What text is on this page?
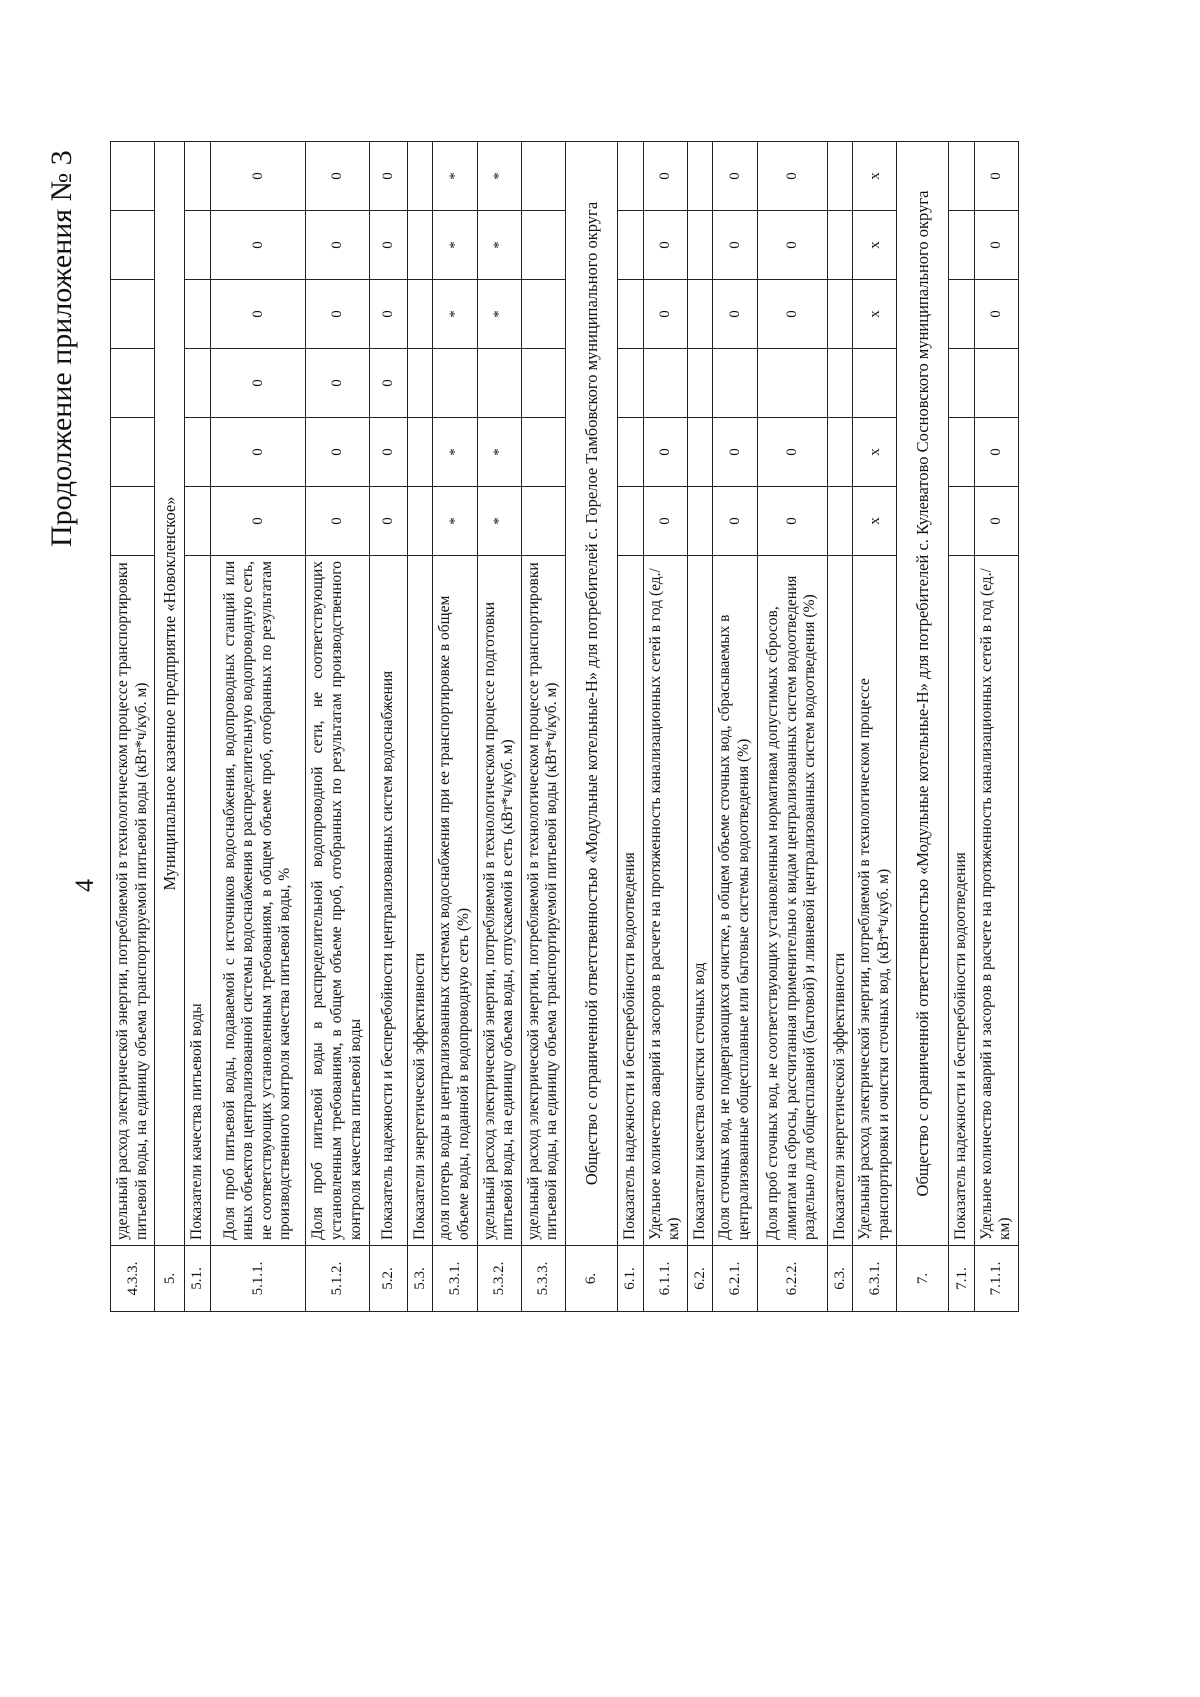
4
Продолжение приложения № 3
4.3.3.	удельный расход электрической энергии, потребляемой в технологическом процессе транспортировки питьевой воды, на единицу объема транспортируемой питьевой воды (кВт*ч/куб. м)						
5.	Муниципальное казенное предприятие «Новокленское»						
5.1.	Показатели качества питьевой воды						
5.1.1.	Доля проб питьевой воды, подаваемой с источников водоснабжения, водопроводных станций или иных объектов централизованной системы водоснабжения в распределительную водопроводную сеть, не соответствующих установленным требованиям, в общем объеме проб, отобранных по результатам производственного контроля качества питьевой воды, %	0	0	0	0	0	0
5.1.2.	Доля проб питьевой воды в распределительной водопроводной сети, не соответствующих установленным требованиям, в общем объеме проб, отобранных по результатам производственного контроля качества питьевой воды	0	0	0	0	0	0
5.2.	Показатель надежности и бесперебойности централизованных систем водоснабжения	0	0	0	0	0	0
5.3.	Показатели энергетической эффективности						
5.3.1.	доля потерь воды в централизованных системах водоснабжения при ее транспортировке в общем объеме воды, поданной в водопроводную сеть (%)	*	*		*	*	*
5.3.2.	удельный расход электрической энергии, потребляемой в технологическом процессе подготовки питьевой воды, на единицу объема воды, отпускаемой в сеть (кВт*ч/куб. м)	*	*		*	*	*
5.3.3.	удельный расход электрической энергии, потребляемой в технологическом процессе транспортировки питьевой воды, на единицу объема транспортируемой питьевой воды (кВт*ч/куб. м)						
6.	Общество с ограниченной ответственностью «Модульные котельные-Н» для потребителей с. Горелое Тамбовского муниципального округа						
6.1.	Показатель надежности и бесперебойности водоотведения						
6.1.1.	Удельное количество аварий и засоров в расчете на протяженность канализационных сетей в год (ед./км)	0	0		0	0	0
6.2.	Показатели качества очистки сточных вод						
6.2.1.	Доля сточных вод, не подвергающихся очистке, в общем объеме сточных вод, сбрасываемых в централизованные общесплавные или бытовые системы водоотведения (%)	0	0		0	0	0
6.2.2.	Доля проб сточных вод, не соответствующих установленным нормативам допустимых сбросов, лимитам на сбросы, рассчитанная применительно к видам централизованных систем водоотведения раздельно для общесплавной (бытовой) и ливневой централизованных систем водоотведения (%)	0	0		0	0	0
6.3.	Показатели энергетической эффективности						
6.3.1.	Удельный расход электрической энергии, потребляемой в технологическом процессе транспортировки и очистки сточных вод, (кВт*ч/куб. м)	x	x		x	x	x
7.	Общество с ограниченной ответственностью «Модульные котельные-Н» для потребителей с. Кулеватово Сосновского муниципального округа						
7.1.	Показатель надежности и бесперебойности водоотведения						
7.1.1.	Удельное количество аварий и засоров в расчете на протяженность канализационных сетей в год (ед./км)	0	0		0	0	0
